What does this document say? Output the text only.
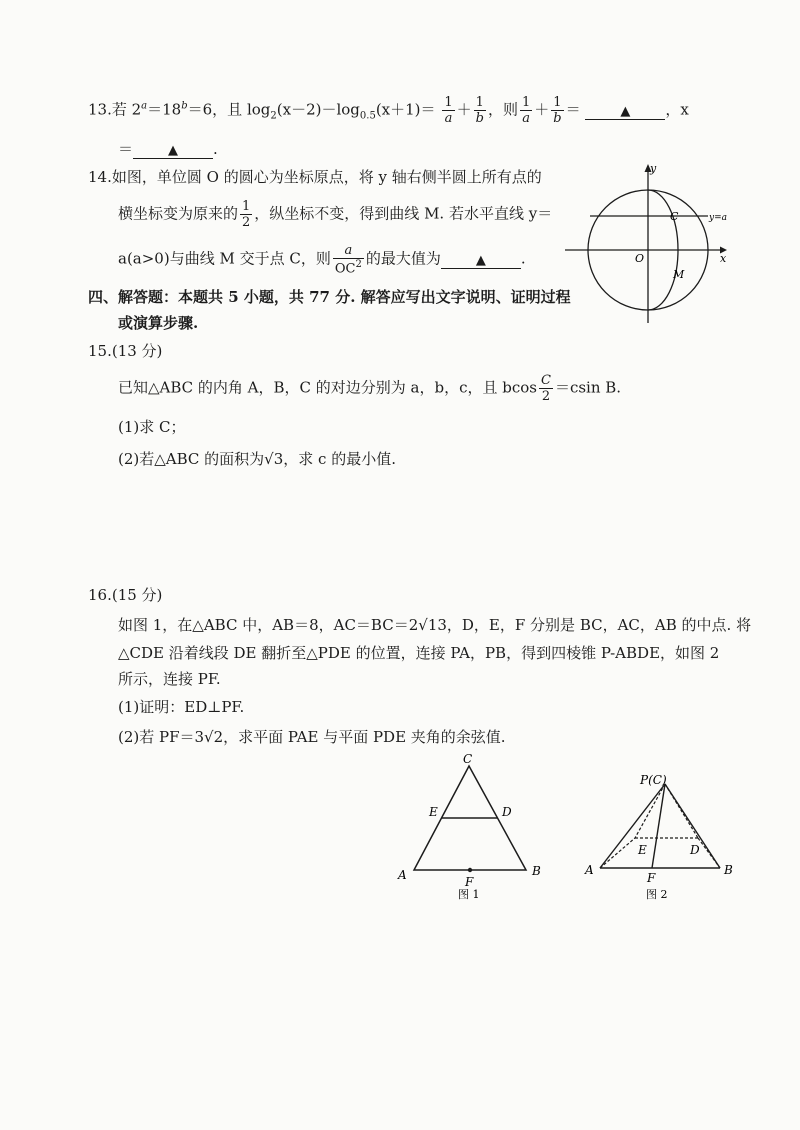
13.若 $2^a=18^b=6$，且 $\log_2(x-2)-\log_{0.5}(x+1)= \frac{1}{a} + \frac{1}{b}$ ，则 $\frac{1}{a} + \frac{1}{b}$ ＝	▲ ，x
＝	▲ .
14.如图，单位圆 O 的圆心为坐标原点，将 y 轴右侧半圆上所有点的
横坐标变为原来的 $\frac{1}{2}$ ，纵坐标不变，得到曲线 M. 若水平直线 y＝
a(a>0)与曲线 M 交于点 C，则 $\frac{a}{OC^2}$ 的最大值为	▲ .
y
x
O
C
M
y=a
四、解答题：本题共 5 小题，共 77 分. 解答应写出文字说明、证明过程
或演算步骤.
15.(13 分)
已知△ABC 的内角 A，B，C 的对边分别为 a，b，c，且 bcos $\frac{C}{2} =csin$ B.
(1)求 C；
(2)若△ABC 的面积为√3，求 c 的最小值.
16.(15 分)
如图 1，在△ABC 中，AB＝8，AC＝BC＝2√13，D，E，F 分别是 BC，AC，AB 的中点. 将
△CDE 沿着线段 DE 翻折至△PDE 的位置，连接 PA，PB，得到四棱锥 P-ABDE，如图 2
所示，连接 PF.
(1)证明：ED⊥PF.
(2)若 PF＝3√2，求平面 PAE 与平面 PDE 夹角的余弦值.
C
E	D
A	B
F
图 1
P(C)
E	D
A	B
F
图 2
